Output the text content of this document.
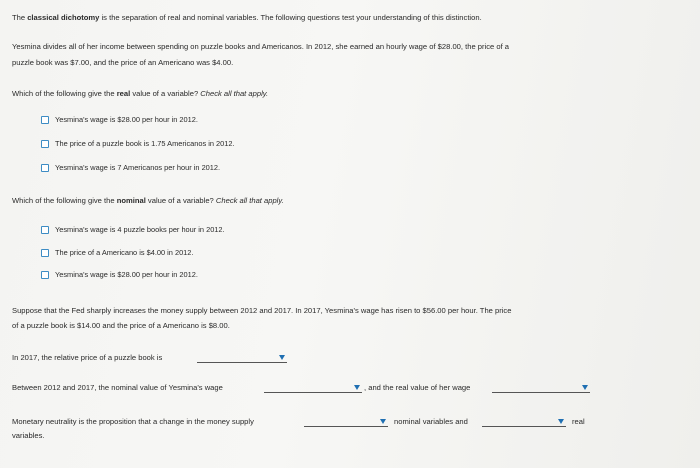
The classical dichotomy is the separation of real and nominal variables. The following questions test your understanding of this distinction.
Yesmina divides all of her income between spending on puzzle books and Americanos. In 2012, she earned an hourly wage of $28.00, the price of a
puzzle book was $7.00, and the price of an Americano was $4.00.
Which of the following give the real value of a variable? Check all that apply.
Yesmina's wage is $28.00 per hour in 2012.
The price of a puzzle book is 1.75 Americanos in 2012.
Yesmina's wage is 7 Americanos per hour in 2012.
Which of the following give the nominal value of a variable? Check all that apply.
Yesmina's wage is 4 puzzle books per hour in 2012.
The price of a Americano is $4.00 in 2012.
Yesmina's wage is $28.00 per hour in 2012.
Suppose that the Fed sharply increases the money supply between 2012 and 2017. In 2017, Yesmina's wage has risen to $56.00 per hour. The price
of a puzzle book is $14.00 and the price of a Americano is $8.00.
In 2017, the relative price of a puzzle book is
Between 2012 and 2017, the nominal value of Yesmina's wage	, and the real value of her wage
Monetary neutrality is the proposition that a change in the money supply	nominal variables and	real
variables.
